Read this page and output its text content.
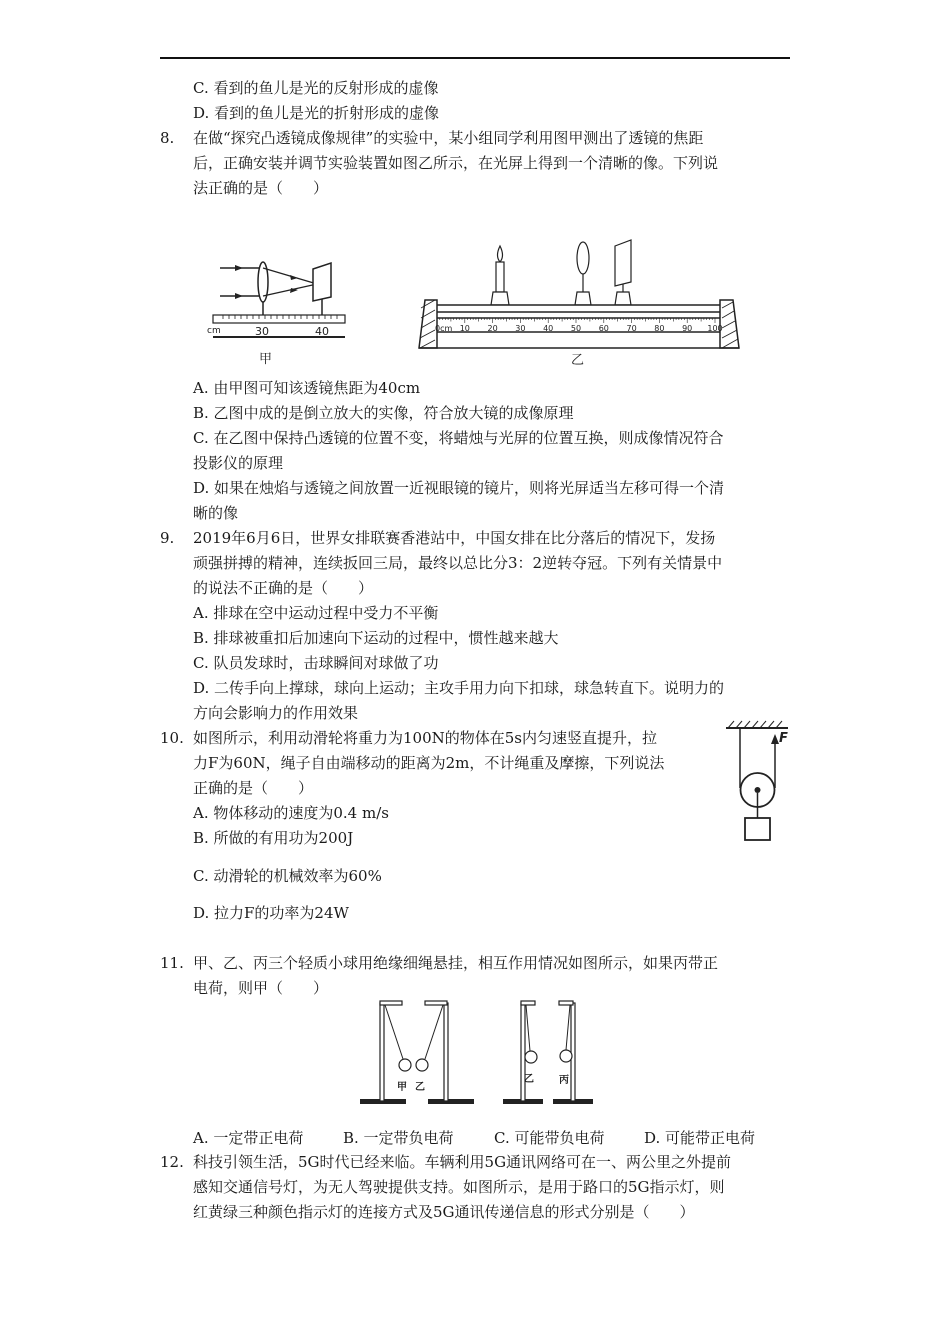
C. 看到的鱼儿是光的反射形成的虚像
D. 看到的鱼儿是光的折射形成的虚像
8. 在做“探究凸透镜成像规律”的实验中，某小组同学利用图甲测出了透镜的焦距
后，正确安装并调节实验装置如图乙所示，在光屏上得到一个清晰的像。下列说
法正确的是（　　）
cm	30	40
甲
0cm 10 20 30 40 50 60 70 80 90 100
乙
A. 由甲图可知该透镜焦距为40cm
B. 乙图中成的是倒立放大的实像，符合放大镜的成像原理
C. 在乙图中保持凸透镜的位置不变，将蜡烛与光屏的位置互换，则成像情况符合
投影仪的原理
D. 如果在烛焰与透镜之间放置一近视眼镜的镜片，则将光屏适当左移可得一个清
晰的像
9. 2019年6月6日，世界女排联赛香港站中，中国女排在比分落后的情况下，发扬
顽强拼搏的精神，连续扳回三局，最终以总比分3：2逆转夺冠。下列有关情景中
的说法不正确的是（　　）
A. 排球在空中运动过程中受力不平衡
B. 排球被重扣后加速向下运动的过程中，惯性越来越大
C. 队员发球时，击球瞬间对球做了功
D. 二传手向上撑球，球向上运动；主攻手用力向下扣球，球急转直下。说明力的
方向会影响力的作用效果
10. 如图所示，利用动滑轮将重力为100N的物体在5s内匀速竖直提升，拉
力F为60N，绳子自由端移动的距离为2m，不计绳重及摩擦，下列说法
正确的是（　　）
A. 物体移动的速度为0.4 m/s
B. 所做的有用功为200J
C. 动滑轮的机械效率为60%
D. 拉力F的功率为24W
F
11. 甲、乙、丙三个轻质小球用绝缘细绳悬挂，相互作用情况如图所示，如果丙带正
电荷，则甲（　　）
甲 乙
乙	丙
A. 一定带正电荷	B. 一定带负电荷	C. 可能带负电荷	D. 可能带正电荷
12. 科技引领生活，5G时代已经来临。车辆利用5G通讯网络可在一、两公里之外提前
感知交通信号灯，为无人驾驶提供支持。如图所示，是用于路口的5G指示灯，则
红黄绿三种颜色指示灯的连接方式及5G通讯传递信息的形式分别是（　　）
